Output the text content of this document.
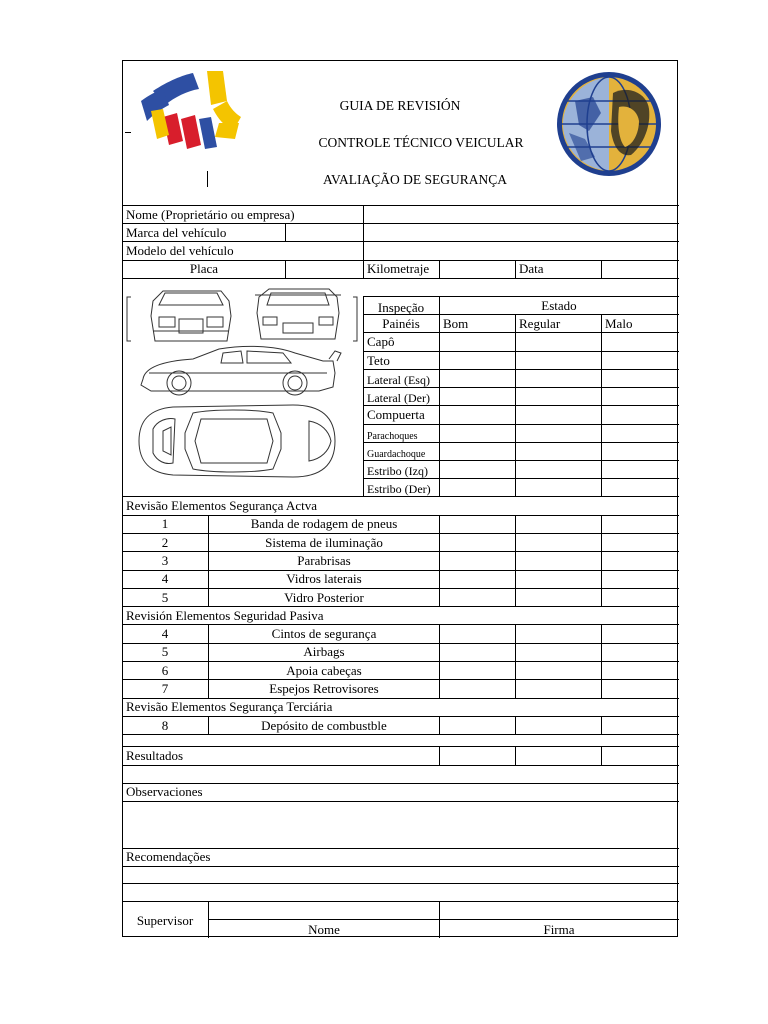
GUIA DE REVISIÓN
CONTROLE TÉCNICO VEICULAR
AVALIAÇÃO DE SEGURANÇA
Nome (Proprietário ou empresa)
Marca del vehículo
Modelo del vehículo
Placa	Kilometraje	Data
Inspeção
Painéis
Estado
Bom	Regular	Malo
Capô
Teto
Lateral (Esq)
Lateral (Der)
Compuerta
Parachoques
Guardachoque
Estribo (Izq)
Estribo (Der)
Revisão Elementos Segurança Actva
1	Banda de rodagem de pneus
2	Sistema de iluminação
3	Parabrisas
4	Vidros laterais
5	Vidro Posterior
Revisión Elementos Seguridad Pasiva
4	Cintos de segurança
5	Airbags
6	Apoia cabeças
7	Espejos Retrovisores
Revisão Elementos Segurança Terciária
8	Depósito de combustble
Resultados
Observaciones
Recomendações
Supervisor
Nome	Firma
